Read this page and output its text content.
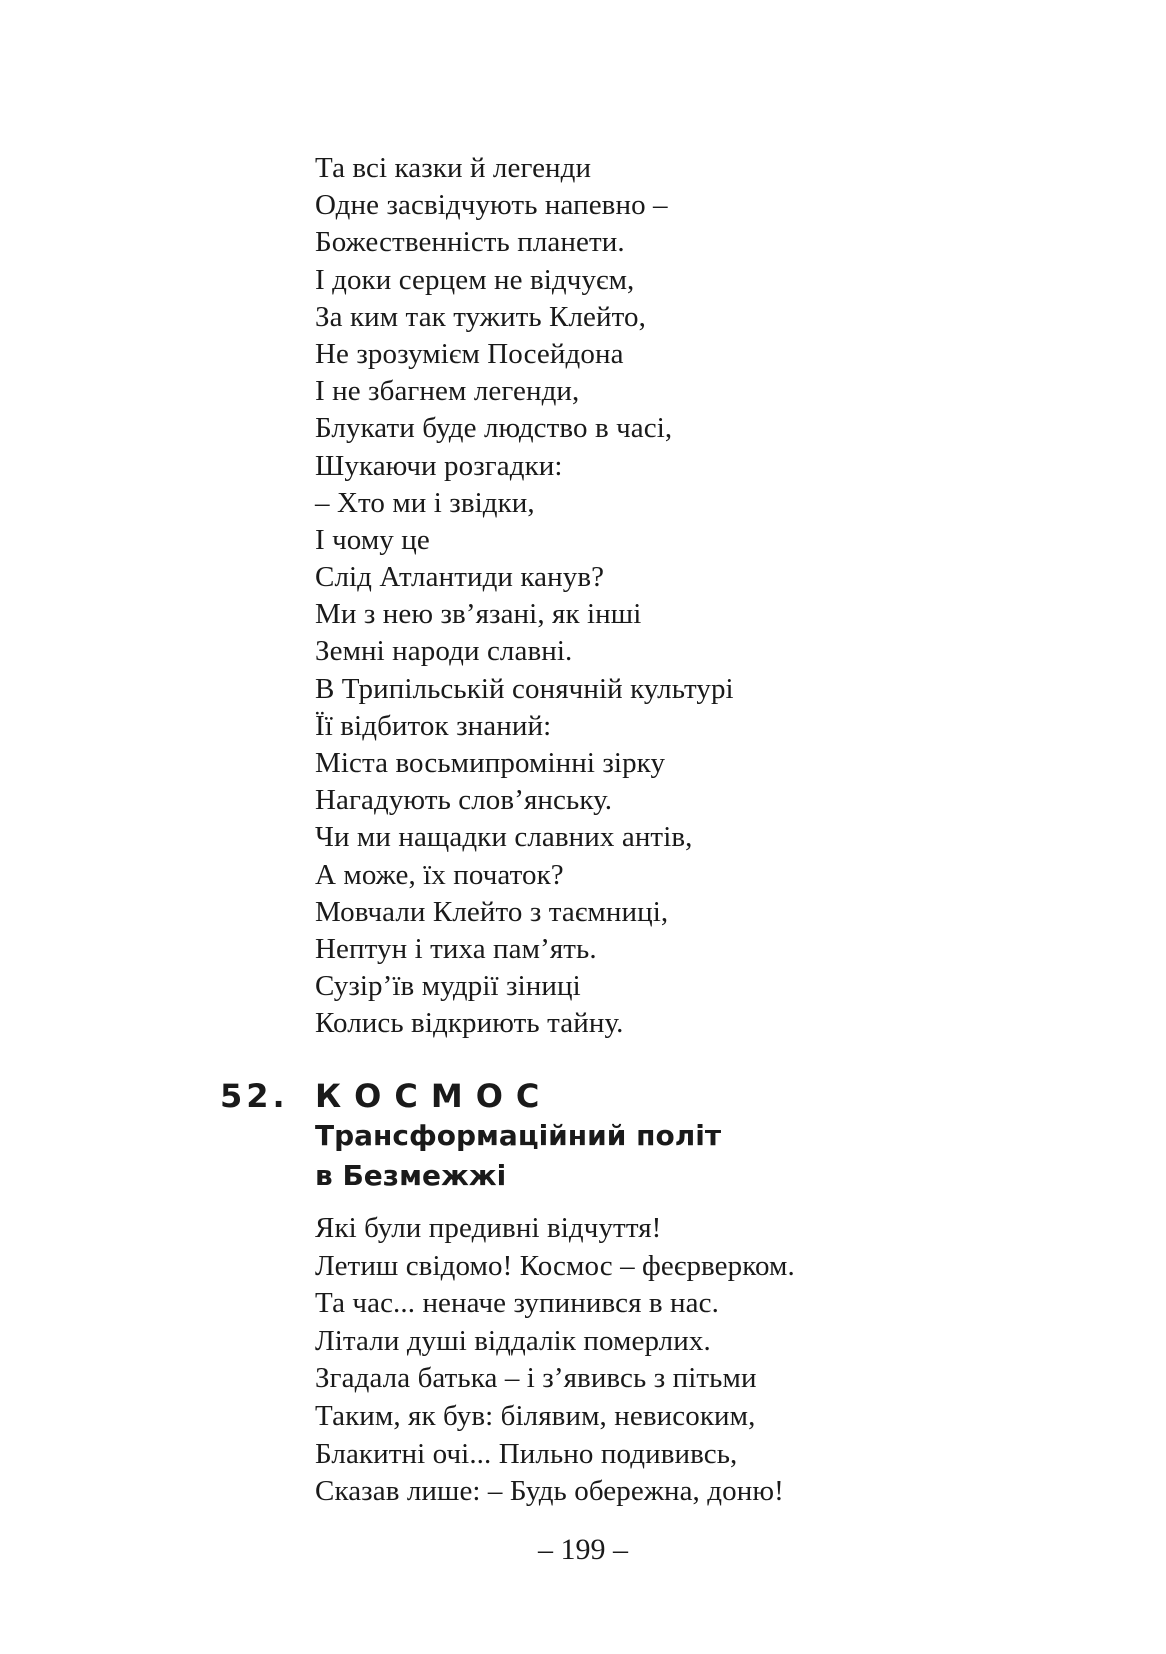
Та всі казки й легенди
Одне засвідчують напевно –
Божественність планети.
І доки серцем не відчуєм,
За ким так тужить Клейто,
Не зрозумієм Посейдона
І не збагнем легенди,
Блукати буде людство в часі,
Шукаючи розгадки:
– Хто ми і звідки,
І чому це
Слід Атлантиди канув?
Ми з нею зв’язані, як інші
Земні народи славні.
В Трипільській сонячній культурі
Її відбиток знаний:
Міста восьмипромінні зірку
Нагадують слов’янську.
Чи ми нащадки славних антів,
А може, їх початок?
Мовчали Клейто з таємниці,
Нептун і тиха пам’ять.
Сузір’їв мудрії зіниці
Колись відкриють тайну.
52. КОСМОС
Трансформаційний політ
в Безмежжі
Які були предивні відчуття!
Летиш свідомо! Космос – феєрверком.
Та час... неначе зупинився в нас.
Літали душі віддалік померлих.
Згадала батька – і з’явивсь з пітьми
Таким, як був: білявим, невисоким,
Блакитні очі... Пильно подививсь,
Сказав лише: – Будь обережна, доню!
– 199 –
